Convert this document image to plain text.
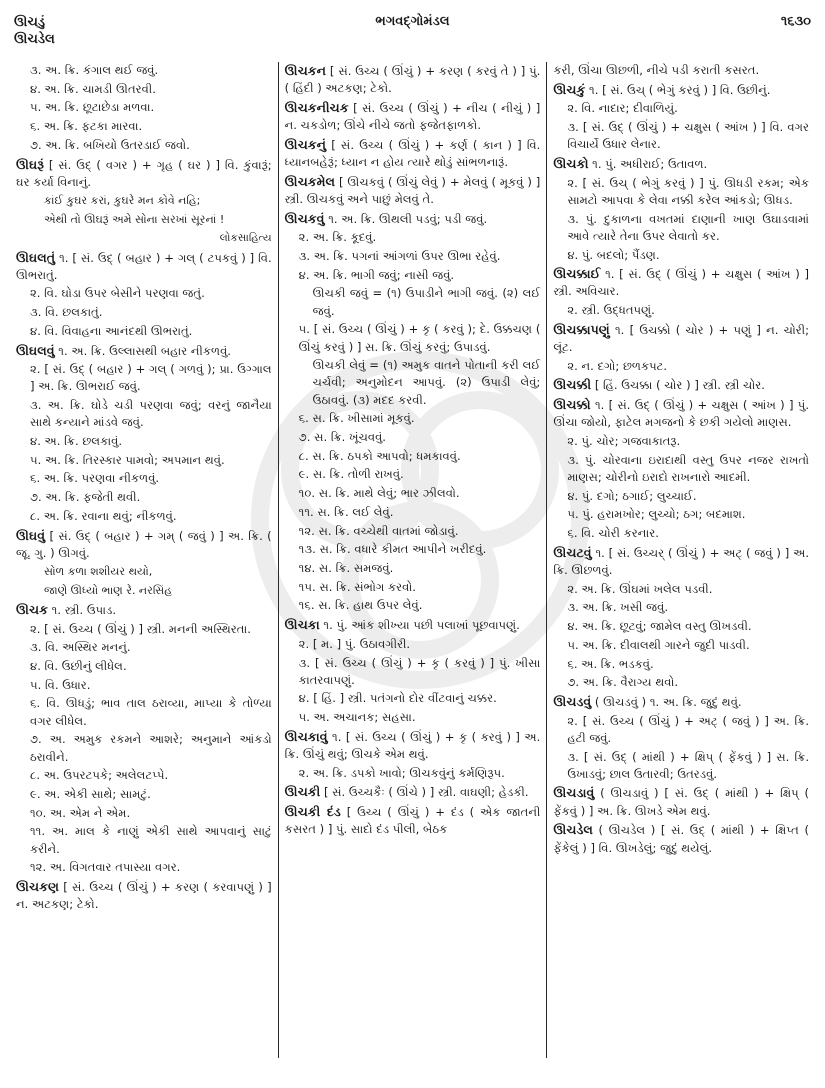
ઊચડું
ઊચડેલ
ભગવદ્ગોમંડલ	૧૬૩૦
૩. અ. ક્રિ. કંગાલ થઈ જવું.
૪. અ. ક્રિ. ચામડી ઊતરવી.
૫. અ. ક્રિ. છૂટાછેડા મળવા.
૬. અ. ક્રિ. ફટકા મારવા.
૭. અ. ક્રિ. બખિયો ઉતરડાઈ જવો.
ઊઘરૂં [ સં. ઉદ્ ( વગર ) + ગૃહ ( ઘર ) ] વિ. કુંવારૂં; ઘર કર્યા વિનાનું.
કાંઈ કુઘર કરાં, કુઘરે મન કોવે નહિ;
એથી તો ઊઘરૂં અમે સોના સરખાં સૂરનાં !
લોકસાહિત્ય
ઊઘલતું ૧. [ સં. ઉદ્ ( બહાર ) + ગલ્ ( ટપકવું ) ] વિ. ઊભરાતું.
૨. વિ. ઘોડા ઉપર બેસીને પરણવા જતું.
૩. વિ. છલકાતું.
૪. વિ. વિવાહના આનંદથી ઊભરાતું.
ઊઘલવું ૧. અ. ક્રિ. ઉલ્લાસથી બહાર નીકળવું.
૨. [ સં. ઉદ્ ( બહાર ) + ગલ્ ( ગળવું ); પ્રા. ઉગ્ગાલ ] અ. ક્રિ. ઊભરાઈ જવું.
૩. અ. ક્રિ. ઘોડે ચડી પરણવા જવું; વરનું જાનૈયા સાથે કન્યાને માંડવે જવું.
૪. અ. ક્રિ. છલકાવું.
૫. અ. ક્રિ. તિરસ્કાર પામવો; અપમાન થવું.
૬. અ. ક્રિ. પરણવા નીકળવું.
૭. અ. ક્રિ. ફજેતી થવી.
૮. અ. ક્રિ. રવાના થવું; નીકળવું.
ઊઘવું [ સં. ઉદ્ ( બહાર ) + ગમ્ ( જવું ) ] અ. ક્રિ. ( જૂ. ગુ. ) ઊગવું.
સોળ કળા શશીયર થયો,
જાણે ઊધ્યો ભાણ રે. નરસિંહ
ઊચક ૧. સ્ત્રી. ઉપાડ.
૨. [ સં. ઉચ્ચ ( ઊંચું ) ] સ્ત્રી. મનની અસ્થિરતા.
૩. વિ. અસ્થિર મનનું.
૪. વિ. ઉછીનું લીધેલ.
૫. વિ. ઉધાર.
૬. વિ. ઊધડું; ભાવ તાલ ઠરાવ્યા, માપ્યા કે તોળ્યા વગર લીધેલ.
૭. અ. અમુક રકમને આશરે; અનુમાને આંકડો ઠરાવીને.
૮. અ. ઉપરટપકે; અલેલટપ્પે.
૯. અ. એકી સાથે; સામટું.
૧૦. અ. એમ ને એમ.
૧૧. અ. માલ કે નાણું એકી સાથે આપવાનું સાટું કરીને.
૧૨. અ. વિગતવાર તપાસ્યા વગર.
ઊચકણ [ સં. ઉચ્ચ ( ઊંચું ) + કરણ ( કરવાપણું ) ] ન. અટકણ; ટેકો.
ઊચકન [ સં. ઉચ્ચ ( ઊંચું ) + કરણ ( કરવું તે ) ] પું. ( હિંદી ) અટકણ; ટેકો.
ઊચકનીચક [ સં. ઉચ્ચ ( ઊંચું ) + નીચ ( નીચું ) ] ન. ચકડોળ; ઊંચે નીચે જતો ફજેતફાળકો.
ઊચકનું [ સં. ઉચ્ચ ( ઊંચું ) + કર્ણ ( કાન ) ] વિ. ધ્યાનબહેરૂં; ધ્યાન ન હોય ત્યારે થોડું સાંભળનારૂં.
ઊચકમેલ [ ઊચકવું ( ઊંચું લેવું ) + મેલવું ( મૂકવું ) ] સ્ત્રી. ઊચકવું અને પાછું મેલવું તે.
ઊચકવું ૧. અ. ક્રિ. ઊથલી પડવું; પડી જવું.
૨. અ. ક્રિ. કૂદવું.
૩. અ. ક્રિ. પગનાં આંગળાં ઉપર ઊભા રહેવું.
૪. અ. ક્રિ. ભાગી જવું; નાસી જવું.
ઊચકી જવું = (૧) ઉપાડીને ભાગી જવું. (૨) લઈ જવું.
૫. [ સં. ઉચ્ચ ( ઊંચું ) + કૃ ( કરવું ); દે. ઉક્કચણ ( ઊંચું કરવું ) ] સ. ક્રિ. ઊંચું કરવું; ઉપાડવું.
ઊચકી લેવું = (૧) અમુક વાતને પોતાની કરી લઈ ચર્ચવી; અનુમોદન આપવું. (૨) ઉપાડી લેવું; ઉઠાવવું. (૩) મદદ કરવી.
૬. સ. ક્રિ. ખીસામાં મૂકવું.
૭. સ. ક્રિ. ખૂંચવવું.
૮. સ. ક્રિ. ઠપકો આપવો; ધમકાવવું.
૯. સ. ક્રિ. તોળી રાખવું.
૧૦. સ. ક્રિ. માથે લેવું; ભાર ઝીલવો.
૧૧. સ. ક્રિ. લઈ લેવું.
૧૨. સ. ક્રિ. વચ્ચેથી વાતમાં જોડાવું.
૧૩. સ. ક્રિ. વધારે કીમત આપીને ખરીદવું.
૧૪. સ. ક્રિ. સમજવું.
૧૫. સ. ક્રિ. સંભોગ કરવો.
૧૬. સ. ક્રિ. હાથ ઉપર લેવું.
ઊચકા ૧. પું. આંક શીખ્યા પછી પલાખાં પૂછવાપણું.
૨. [ મ. ] પું. ઉઠાવગીરી.
૩. [ સં. ઉચ્ચ ( ઊંચું ) + કૃ ( કરવું ) ] પું. ખીસા કાતરવાપણું.
૪. [ હિં. ] સ્ત્રી. પતંગનો દોર વીંટવાનું ચક્કર.
૫. અ. અચાનક; સહસા.
ઊચકાવું ૧. [ સં. ઉચ્ચ ( ઊંચું ) + કૃ ( કરવું ) ] અ. ક્રિ. ઊંચું થવું; ઊચકે એમ થવું.
૨. અ. ક્રિ. ડપકો ખાવો; ઊચકવુંનું કર્મણિરૂપ.
ઊચકી [ સં. ઉચ્ચકૈઃ ( ઊંચે ) ] સ્ત્રી. વાઘણી; હેડકી.
ઊચકી દંડ [ ઉચ્ચ ( ઊંચું ) + દંડ ( એક જાતની કસરત ) ] પું. સાદો દંડ પીલી, બેઠક
કરી, ઊંચા ઊછળી, નીચે પડી કરાતી કસરત.
ઊચકું ૧. [ સં. ઉચ્ ( ભેગું કરવું ) ] વિ. ઉછીનું.
૨. વિ. નાદાર; દીવાળિયું.
૩. [ સં. ઉદ્ ( ઊંચું ) + ચક્ષુસ ( આંખ ) ] વિ. વગર વિચાર્યે ઉધાર લેનાર.
ઊચકો ૧. પું. અધીરાઈ; ઉતાવળ.
૨. [ સં. ઉચ્ ( ભેગું કરવું ) ] પું. ઊધડી રકમ; એક સામટો આપવા કે લેવા નક્કી કરેલ આંકડો; ઊધડ.
૩. પું. દુકાળના વખતમાં દાણાની ખાણ ઉઘાડવામાં આવે ત્યારે તેના ઉપર લેવાતો કર.
૪. પું. બદલો; પૈંડણ.
ઊચક્કાઈ ૧. [ સં. ઉદ્ ( ઊંચું ) + ચક્ષુસ ( આંખ ) ] સ્ત્રી. અવિચાર.
૨. સ્ત્રી. ઉદ્ધતપણું.
ઊચક્કાપણું ૧. [ ઉચક્કો ( ચોર ) + પણું ] ન. ચોરી; લૂંટ.
૨. ન. દગો; છળકપટ.
ઊચક્કી [ હિં. ઉચક્કા ( ચોર ) ] સ્ત્રી. સ્ત્રી ચોર.
ઊચક્કો ૧. [ સં. ઉદ્ ( ઊંચું ) + ચક્ષુસ ( આંખ ) ] પું. ઊંચા જોયો, ફાટેલ મગજનો કે છકી ગયેલો માણસ.
૨. પું. ચોર; ગજવાકાતરૂ.
૩. પું. ચોરવાના ઇરાદાથી વસ્તુ ઉપર નજર રાખતો માણસ; ચોરીનો ઇરાદો રાખનારો આદમી.
૪. પું. દગો; ઠગાઈ; લુચ્ચાઈ.
૫. પું. હરામખોર; લુચ્ચો; ઠગ; બદમાશ.
૬. વિ. ચોરી કરનાર.
ઊચટવું ૧. [ સં. ઉચ્ચર્ ( ઊંચું ) + અટ્ ( જવું ) ] અ. ક્રિ. ઊછળવું.
૨. અ. ક્રિ. ઊંઘમાં ખલેલ પડવી.
૩. અ. ક્રિ. ખસી જવું.
૪. અ. ક્રિ. છૂટવું; જામેલ વસ્તુ ઊખડવી.
૫. અ. ક્રિ. દીવાલથી ગારને જુદી પાડવી.
૬. અ. ક્રિ. ભડકવું.
૭. અ. ક્રિ. વૈરાગ્ય થવો.
ઊચડવું ( ઊચડવું ) ૧. અ. ક્રિ. જુદું થવું.
૨. [ સં. ઉચ્ચ ( ઊંચું ) + અટ્ ( જવું ) ] અ. ક્રિ. હટી જવું.
૩. [ સં. ઉદ્ ( માંથી ) + ક્ષિપ્ ( ફેંકવું ) ] સ. ક્રિ. ઉખાડવું; છાલ ઉતારવી; ઉતરડવું.
ઊચડાવું ( ઊચડાવું ) [ સં. ઉદ્ ( માંથી ) + ક્ષિપ્ ( ફેંકવું ) ] અ. ક્રિ. ઊખડે એમ થવું.
ઊચડેલ ( ઊચડેલ ) [ સં. ઉદ્ ( માંથી ) + ક્ષિપ્ત ( ફેંકેલું ) ] વિ. ઊખડેલું; જુદું થયેલું.
